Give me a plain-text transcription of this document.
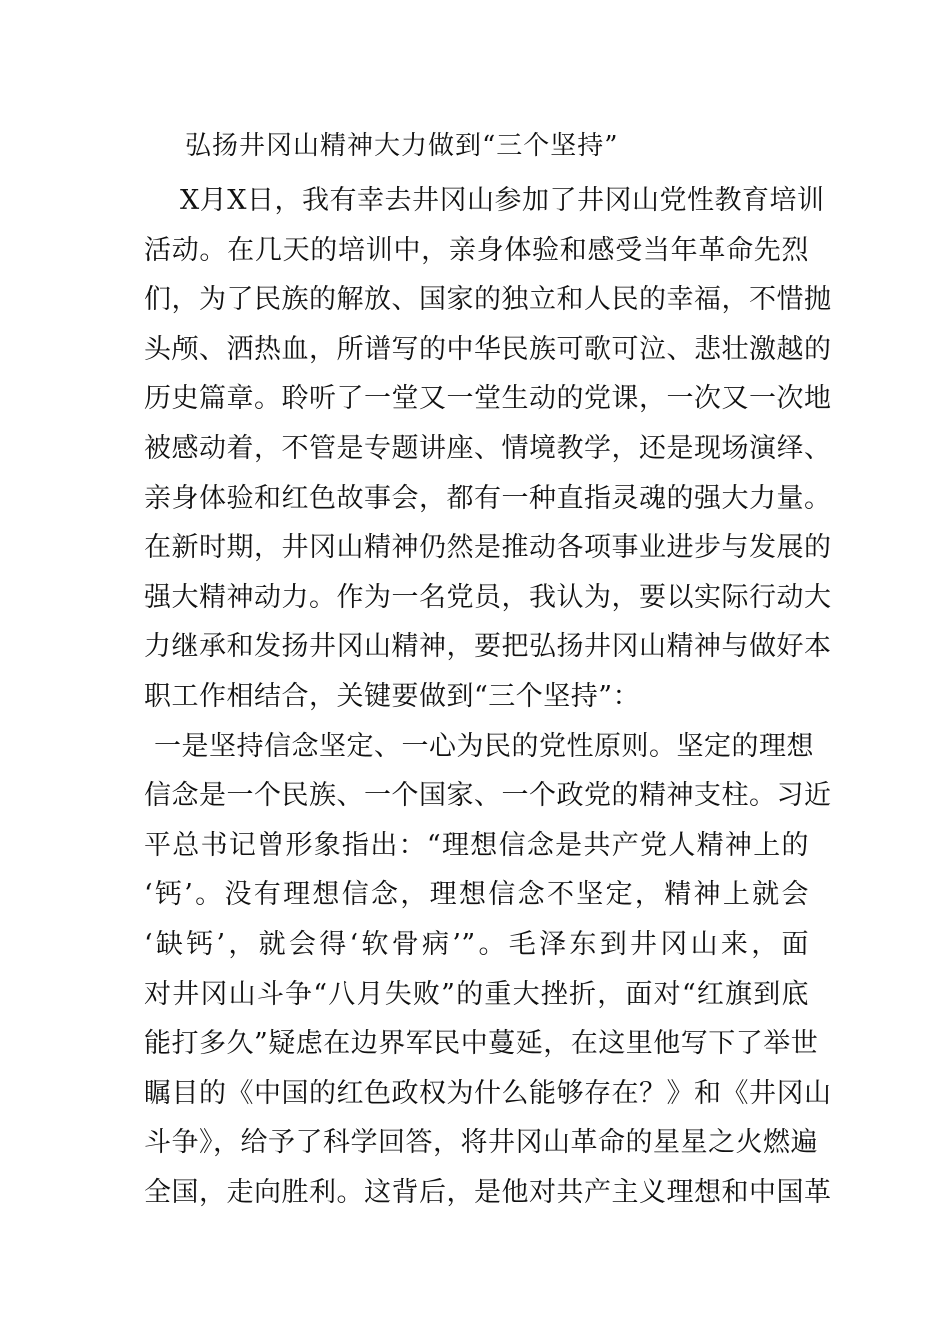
弘扬井冈山精神大力做到“三个坚持”
X月X日，我有幸去井冈山参加了井冈山党性教育培训
活动。在几天的培训中，亲身体验和感受当年革命先烈
们，为了民族的解放、国家的独立和人民的幸福，不惜抛
头颅、洒热血，所谱写的中华民族可歌可泣、悲壮激越的
历史篇章。聆听了一堂又一堂生动的党课，一次又一次地
被感动着，不管是专题讲座、情境教学，还是现场演绎、
亲身体验和红色故事会，都有一种直指灵魂的强大力量。
在新时期，井冈山精神仍然是推动各项事业进步与发展的
强大精神动力。作为一名党员，我认为，要以实际行动大
力继承和发扬井冈山精神，要把弘扬井冈山精神与做好本
职工作相结合，关键要做到“三个坚持”：
一是坚持信念坚定、一心为民的党性原则。坚定的理想
信念是一个民族、一个国家、一个政党的精神支柱。习近
平总书记曾形象指出：“理想信念是共产党人精神上的
‘钙’。没有理想信念，理想信念不坚定，精神上就会
‘缺钙’，就会得‘软骨病’”。毛泽东到井冈山来，面
对井冈山斗争“八月失败”的重大挫折，面对“红旗到底
能打多久”疑虑在边界军民中蔓延，在这里他写下了举世
瞩目的《中国的红色政权为什么能够存在？》和《井冈山
斗争》，给予了科学回答，将井冈山革命的星星之火燃遍
全国，走向胜利。这背后，是他对共产主义理想和中国革
